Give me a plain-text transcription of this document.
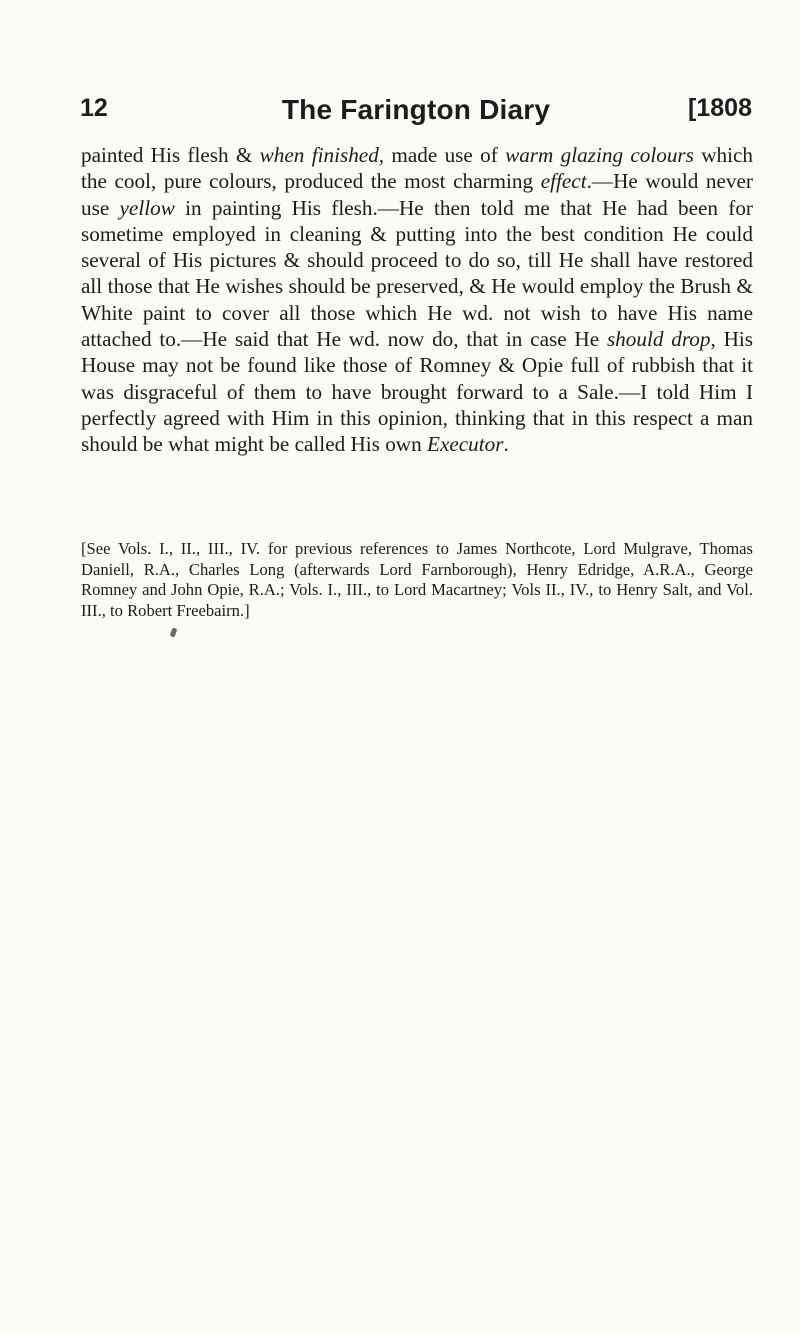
12	The Farington Diary	[1808

painted His flesh & when finished, made use of warm glazing colours which the cool, pure colours, produced the most charming effect.—He would never use yellow in painting His flesh.—He then told me that He had been for sometime employed in cleaning & putting into the best condition He could several of His pictures & should proceed to do so, till He shall have restored all those that He wishes should be preserved, & He would employ the Brush & White paint to cover all those which He wd. not wish to have His name attached to.—He said that He wd. now do, that in case He should drop, His House may not be found like those of Romney & Opie full of rubbish that it was disgraceful of them to have brought forward to a Sale.—I told Him I perfectly agreed with Him in this opinion, thinking that in this respect a man should be what might be called His own Executor.

[See Vols. I., II., III., IV. for previous references to James Northcote, Lord Mulgrave, Thomas Daniell, R.A., Charles Long (afterwards Lord Farnborough), Henry Edridge, A.R.A., George Romney and John Opie, R.A.; Vols. I., III., to Lord Macartney; Vols II., IV., to Henry Salt, and Vol. III., to Robert Freebairn.]
